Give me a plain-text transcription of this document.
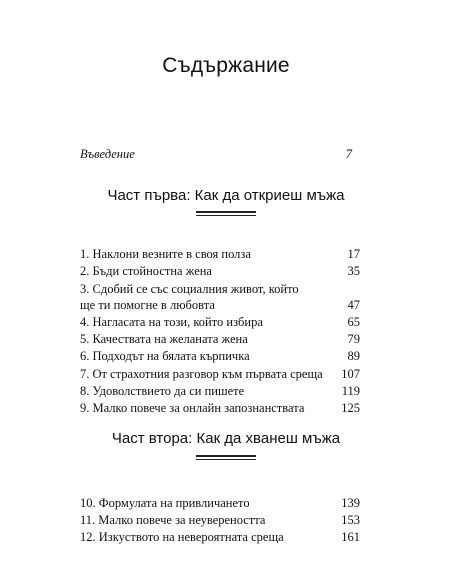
Съдържание
Въведение	7
Част първа: Как да откриеш мъжа
1. Наклони везните в своя полза	17
2. Бъди стойностна жена	35
3. Сдобий се със социалния живот, който
ще ти помогне в любовта	47
4. Нагласата на този, който избира	65
5. Качествата на желаната жена	79
6. Подходът на бялата кърпичка	89
7. От страхотния разговор към първата среща 107
8. Удоволствието да си пишете	119
9. Малко повече за онлайн запознанствата	125
Част втора: Как да хванеш мъжа
10. Формулата на привличането	139
11. Малко повече за неувереността	153
12. Изкуството на невероятната среща	161
